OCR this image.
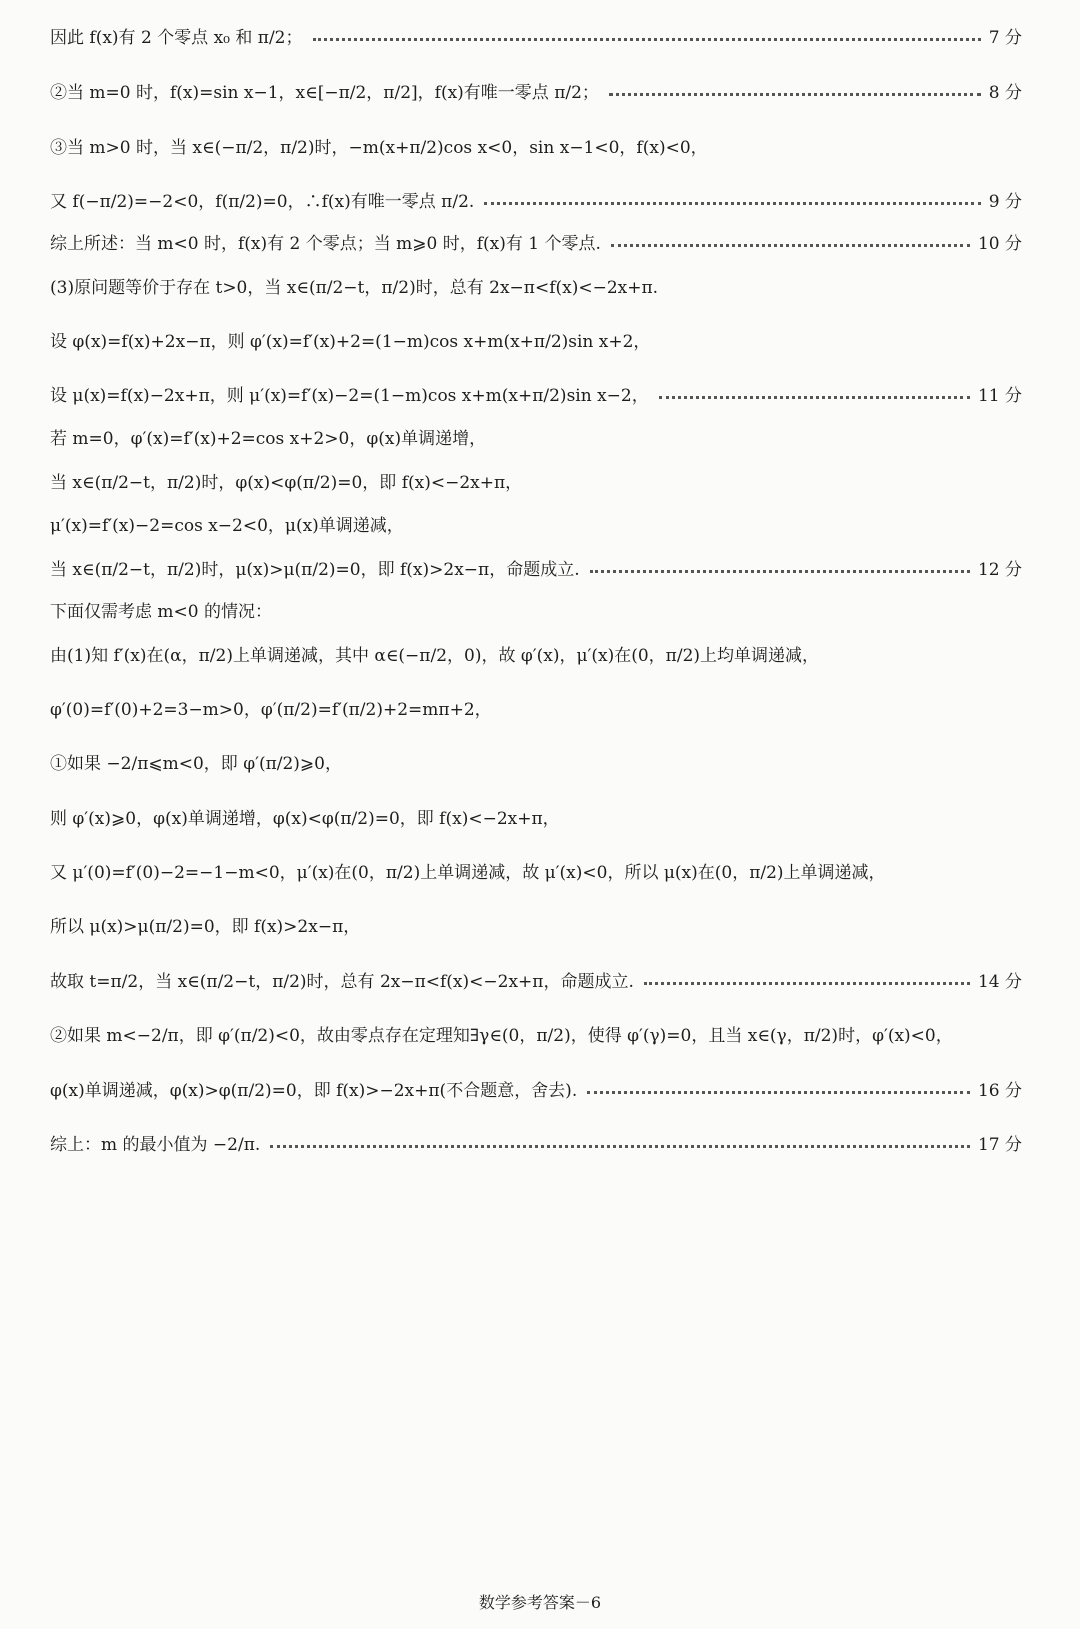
因此 f(x)有 2 个零点 x₀ 和 π/2；	7 分
②当 m=0 时，f(x)=sin x−1，x∈[−π/2，π/2]，f(x)有唯一零点 π/2；	8 分
③当 m>0 时，当 x∈(−π/2，π/2)时，−m(x+π/2)cos x<0，sin x−1<0，f(x)<0，
又 f(−π/2)=−2<0，f(π/2)=0，∴f(x)有唯一零点 π/2.	9 分
综上所述：当 m<0 时，f(x)有 2 个零点；当 m⩾0 时，f(x)有 1 个零点.	10 分
(3)原问题等价于存在 t>0，当 x∈(π/2−t，π/2)时，总有 2x−π<f(x)<−2x+π.
设 φ(x)=f(x)+2x−π，则 φ′(x)=f′(x)+2=(1−m)cos x+m(x+π/2)sin x+2，
设 μ(x)=f(x)−2x+π，则 μ′(x)=f′(x)−2=(1−m)cos x+m(x+π/2)sin x−2，	11 分
若 m=0，φ′(x)=f′(x)+2=cos x+2>0，φ(x)单调递增，
当 x∈(π/2−t，π/2)时，φ(x)<φ(π/2)=0，即 f(x)<−2x+π，
μ′(x)=f′(x)−2=cos x−2<0，μ(x)单调递减，
当 x∈(π/2−t，π/2)时，μ(x)>μ(π/2)=0，即 f(x)>2x−π，命题成立.	12 分
下面仅需考虑 m<0 的情况：
由(1)知 f′(x)在(α，π/2)上单调递减，其中 α∈(−π/2，0)，故 φ′(x)，μ′(x)在(0，π/2)上均单调递减，
φ′(0)=f′(0)+2=3−m>0，φ′(π/2)=f′(π/2)+2=mπ+2，
①如果 −2/π⩽m<0，即 φ′(π/2)⩾0，
则 φ′(x)⩾0，φ(x)单调递增，φ(x)<φ(π/2)=0，即 f(x)<−2x+π，
又 μ′(0)=f′(0)−2=−1−m<0，μ′(x)在(0，π/2)上单调递减，故 μ′(x)<0，所以 μ(x)在(0，π/2)上单调递减，
所以 μ(x)>μ(π/2)=0，即 f(x)>2x−π，
故取 t=π/2，当 x∈(π/2−t，π/2)时，总有 2x−π<f(x)<−2x+π，命题成立.	14 分
②如果 m<−2/π，即 φ′(π/2)<0，故由零点存在定理知∃γ∈(0，π/2)，使得 φ′(γ)=0，且当 x∈(γ，π/2)时，φ′(x)<0，
φ(x)单调递减，φ(x)>φ(π/2)=0，即 f(x)>−2x+π(不合题意，舍去).	16 分
综上：m 的最小值为 −2/π.	17 分
数学参考答案－6
